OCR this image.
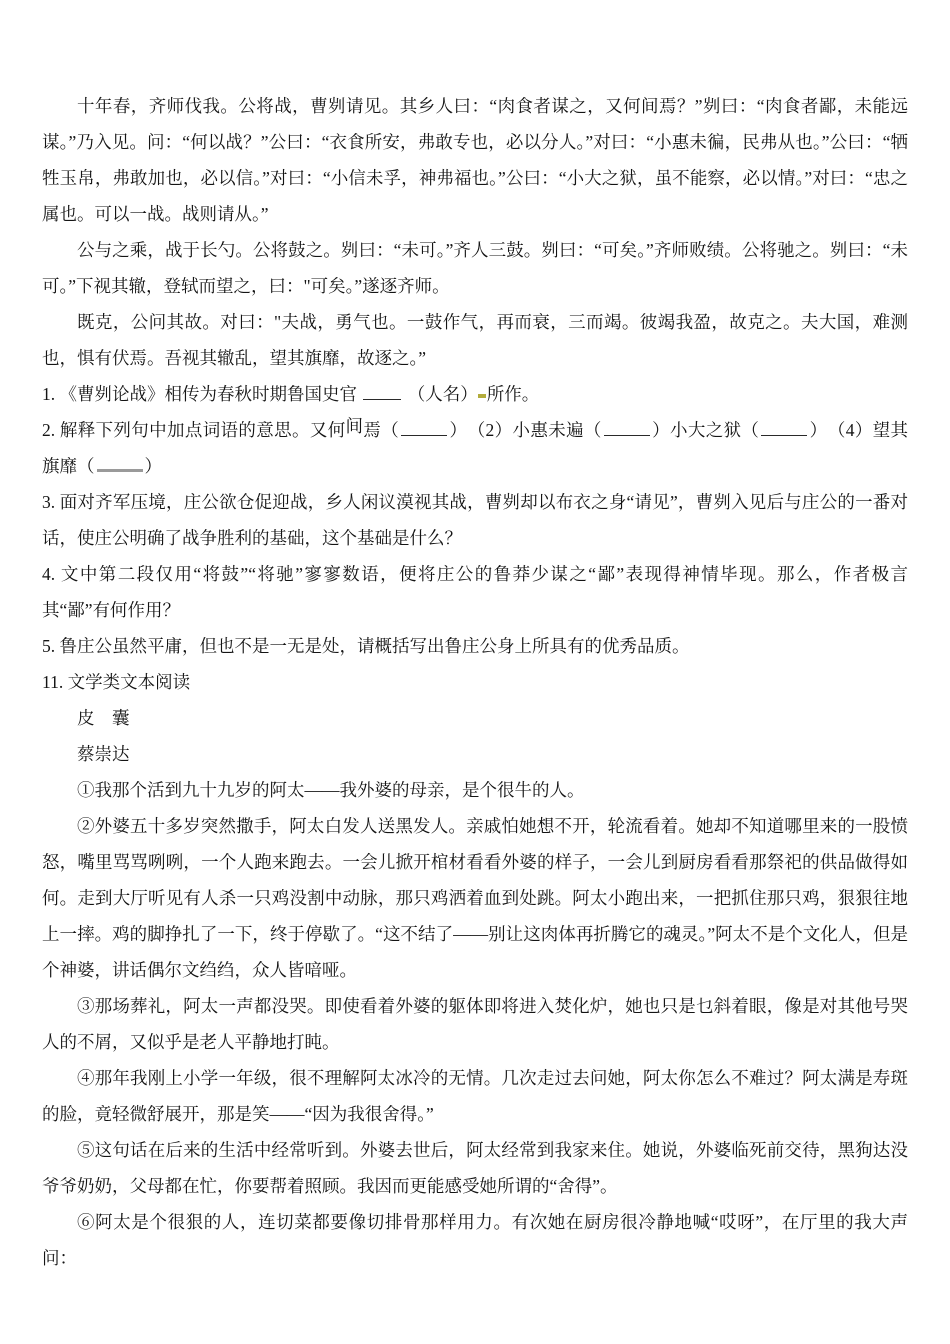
十年春，齐师伐我。公将战，曹刿请见。其乡人曰：“肉食者谋之，又何间焉？”刿曰：“肉食者鄙，未能远谋。”乃入见。问：“何以战？”公曰：“衣食所安，弗敢专也，必以分人。”对曰：“小惠未徧，民弗从也。”公曰：“牺牲玉帛，弗敢加也，必以信。”对曰：“小信未孚，神弗福也。”公曰：“小大之狱，虽不能察，必以情。”对曰：“忠之属也。可以一战。战则请从。”

公与之乘，战于长勺。公将鼓之。刿曰：“未可。”齐人三鼓。刿曰：“可矣。”齐师败绩。公将驰之。刿曰：“未可。”下视其辙，登轼而望之，曰："可矣。”遂逐齐师。

既克，公问其故。对曰："夫战，勇气也。一鼓作气，再而衰，三而竭。彼竭我盈，故克之。夫大国，难测也，惧有伏焉。吾视其辙乱，望其旗靡，故逐之。”

1. 《曹刿论战》相传为春秋时期鲁国史官  （人名） 所作。

2. 解释下列句中加点词语的意思。又何间焉（	）　（2）小惠未遍（	）小大之狱（	）　（4）望其旗靡（	）

3. 面对齐军压境，庄公欲仓促迎战，乡人闲议漠视其战，曹刿却以布衣之身“请见”，曹刿入见后与庄公的一番对话，使庄公明确了战争胜利的基础，这个基础是什么？

4. 文中第二段仅用“将鼓”“将驰”寥寥数语，便将庄公的鲁莽少谋之“鄙”表现得神情毕现。那么，作者极言其“鄙”有何作用？

5. 鲁庄公虽然平庸，但也不是一无是处，请概括写出鲁庄公身上所具有的优秀品质。

11. 文学类文本阅读

皮　囊

蔡崇达

①我那个活到九十九岁的阿太——我外婆的母亲，是个很牛的人。

②外婆五十多岁突然撒手，阿太白发人送黑发人。亲戚怕她想不开，轮流看着。她却不知道哪里来的一股愤怒，嘴里骂骂咧咧，一个人跑来跑去。一会儿掀开棺材看看外婆的样子，一会儿到厨房看看那祭祀的供品做得如何。走到大厅听见有人杀一只鸡没割中动脉，那只鸡洒着血到处跳。阿太小跑出来，一把抓住那只鸡，狠狠往地上一摔。鸡的脚挣扎了一下，终于停歇了。“这不结了——别让这肉体再折腾它的魂灵。”阿太不是个文化人，但是个神婆，讲话偶尔文绉绉，众人皆喑哑。

③那场葬礼，阿太一声都没哭。即使看着外婆的躯体即将进入焚化炉，她也只是乜斜着眼，像是对其他号哭人的不屑，又似乎是老人平静地打盹。

④那年我刚上小学一年级，很不理解阿太冰冷的无情。几次走过去问她，阿太你怎么不难过？阿太满是寿斑的脸，竟轻微舒展开，那是笑——“因为我很舍得。”

⑤这句话在后来的生活中经常听到。外婆去世后，阿太经常到我家来住。她说，外婆临死前交待，黑狗达没爷爷奶奶，父母都在忙，你要帮着照顾。我因而更能感受她所谓的“舍得”。

⑥阿太是个很狠的人，连切菜都要像切排骨那样用力。有次她在厨房很冷静地喊“哎呀”，在厅里的我大声问：
